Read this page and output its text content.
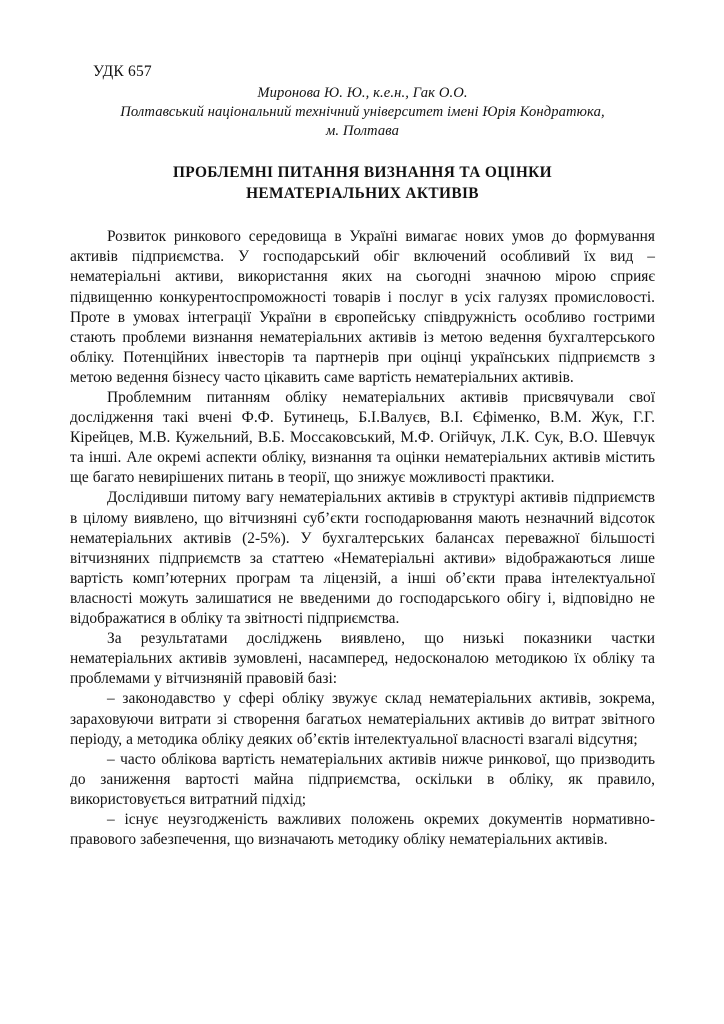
УДК 657
Миронова Ю. Ю., к.е.н., Гак О.О.
Полтавський національний технічний університет імені Юрія Кондратюка,
м. Полтава
ПРОБЛЕМНІ ПИТАННЯ ВИЗНАННЯ ТА ОЦІНКИ
НЕМАТЕРІАЛЬНИХ АКТИВІВ

Розвиток ринкового середовища в Україні вимагає нових умов до формування активів підприємства. У господарський обіг включений особливий їх вид – нематеріальні активи, використання яких на сьогодні значною мірою сприяє підвищенню конкурентоспроможності товарів і послуг в усіх галузях промисловості. Проте в умовах інтеграції України в європейську співдружність особливо гострими стають проблеми визнання нематеріальних активів із метою ведення бухгалтерського обліку. Потенційних інвесторів та партнерів при оцінці українських підприємств з метою ведення бізнесу часто цікавить саме вартість нематеріальних активів.

Проблемним питанням обліку нематеріальних активів присвячували свої дослідження такі вчені Ф.Ф. Бутинець, Б.І.Валуєв, В.І. Єфіменко, В.М. Жук, Г.Г. Кірейцев, М.В. Кужельний, В.Б. Моссаковський, М.Ф. Огійчук, Л.К. Сук, В.О. Шевчук та інші. Але окремі аспекти обліку, визнання та оцінки нематеріальних активів містить ще багато невирішених питань в теорії, що знижує можливості практики.

Дослідивши питому вагу нематеріальних активів в структурі активів підприємств в цілому виявлено, що вітчизняні суб’єкти господарювання мають незначний відсоток нематеріальних активів (2-5%). У бухгалтерських балансах переважної більшості вітчизняних підприємств за статтею «Нематеріальні активи» відображаються лише вартість комп’ютерних програм та ліцензій, а інші об’єкти права інтелектуальної власності можуть залишатися не введеними до господарського обігу і, відповідно не відображатися в обліку та звітності підприємства.

За результатами досліджень виявлено, що низькі показники частки нематеріальних активів зумовлені, насамперед, недосконалою методикою їх обліку та проблемами у вітчизняній правовій базі:

– законодавство у сфері обліку звужує склад нематеріальних активів, зокрема, зараховуючи витрати зі створення багатьох нематеріальних активів до витрат звітного періоду, а методика обліку деяких об’єктів інтелектуальної власності взагалі відсутня;

– часто облікова вартість нематеріальних активів нижче ринкової, що призводить до заниження вартості майна підприємства, оскільки в обліку, як правило, використовується витратний підхід;

– існує неузгодженість важливих положень окремих документів нормативно-правового забезпечення, що визначають методику обліку нематеріальних активів.
